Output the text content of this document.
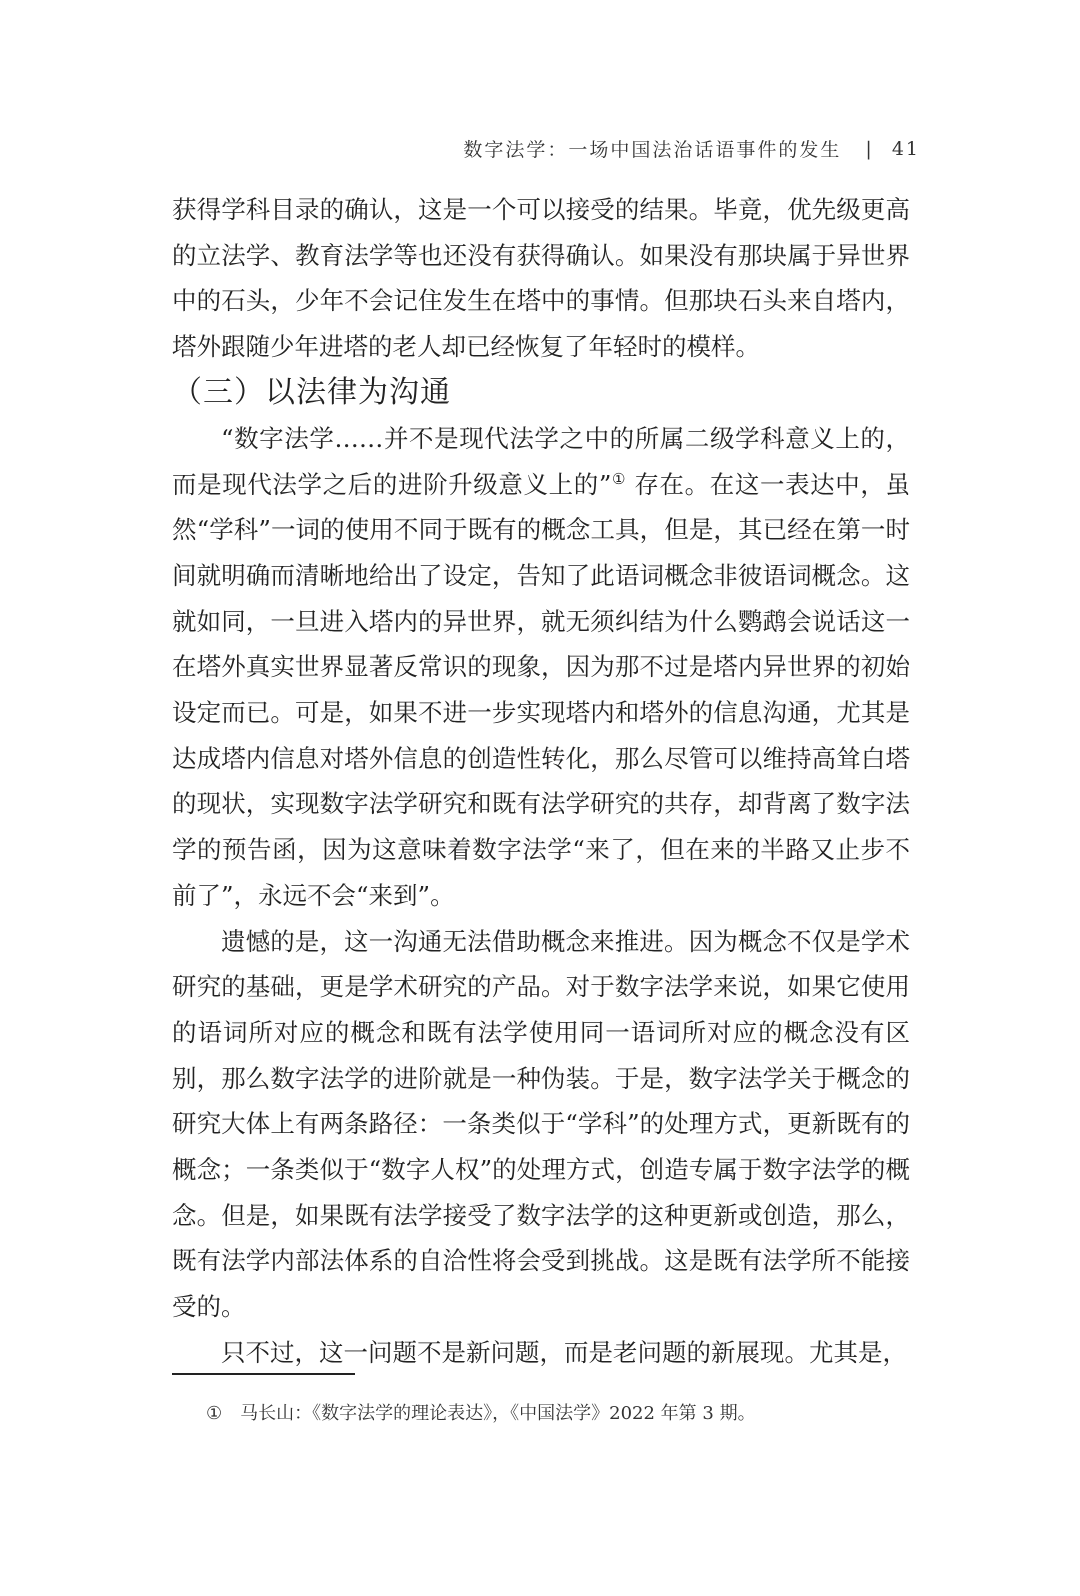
数字法学：一场中国法治话语事件的发生 | 41

获得学科目录的确认，这是一个可以接受的结果。毕竟，优先级更高的立法学、教育法学等也还没有获得确认。如果没有那块属于异世界中的石头，少年不会记住发生在塔中的事情。但那块石头来自塔内，塔外跟随少年进塔的老人却已经恢复了年轻时的模样。

（三）以法律为沟通

“数字法学……并不是现代法学之中的所属二级学科意义上的，而是现代法学之后的进阶升级意义上的”① 存在。在这一表达中，虽然“学科”一词的使用不同于既有的概念工具，但是，其已经在第一时间就明确而清晰地给出了设定，告知了此语词概念非彼语词概念。这就如同，一旦进入塔内的异世界，就无须纠结为什么鹦鹉会说话这一在塔外真实世界显著反常识的现象，因为那不过是塔内异世界的初始设定而已。可是，如果不进一步实现塔内和塔外的信息沟通，尤其是达成塔内信息对塔外信息的创造性转化，那么尽管可以维持高耸白塔的现状，实现数字法学研究和既有法学研究的共存，却背离了数字法学的预告函，因为这意味着数字法学“来了，但在来的半路又止步不前了”，永远不会“来到”。

遗憾的是，这一沟通无法借助概念来推进。因为概念不仅是学术研究的基础，更是学术研究的产品。对于数字法学来说，如果它使用的语词所对应的概念和既有法学使用同一语词所对应的概念没有区别，那么数字法学的进阶就是一种伪装。于是，数字法学关于概念的研究大体上有两条路径：一条类似于“学科”的处理方式，更新既有的概念；一条类似于“数字人权”的处理方式，创造专属于数字法学的概念。但是，如果既有法学接受了数字法学的这种更新或创造，那么，既有法学内部法体系的自洽性将会受到挑战。这是既有法学所不能接受的。

只不过，这一问题不是新问题，而是老问题的新展现。尤其是，

① 马长山：《数字法学的理论表达》，《中国法学》2022 年第 3 期。
